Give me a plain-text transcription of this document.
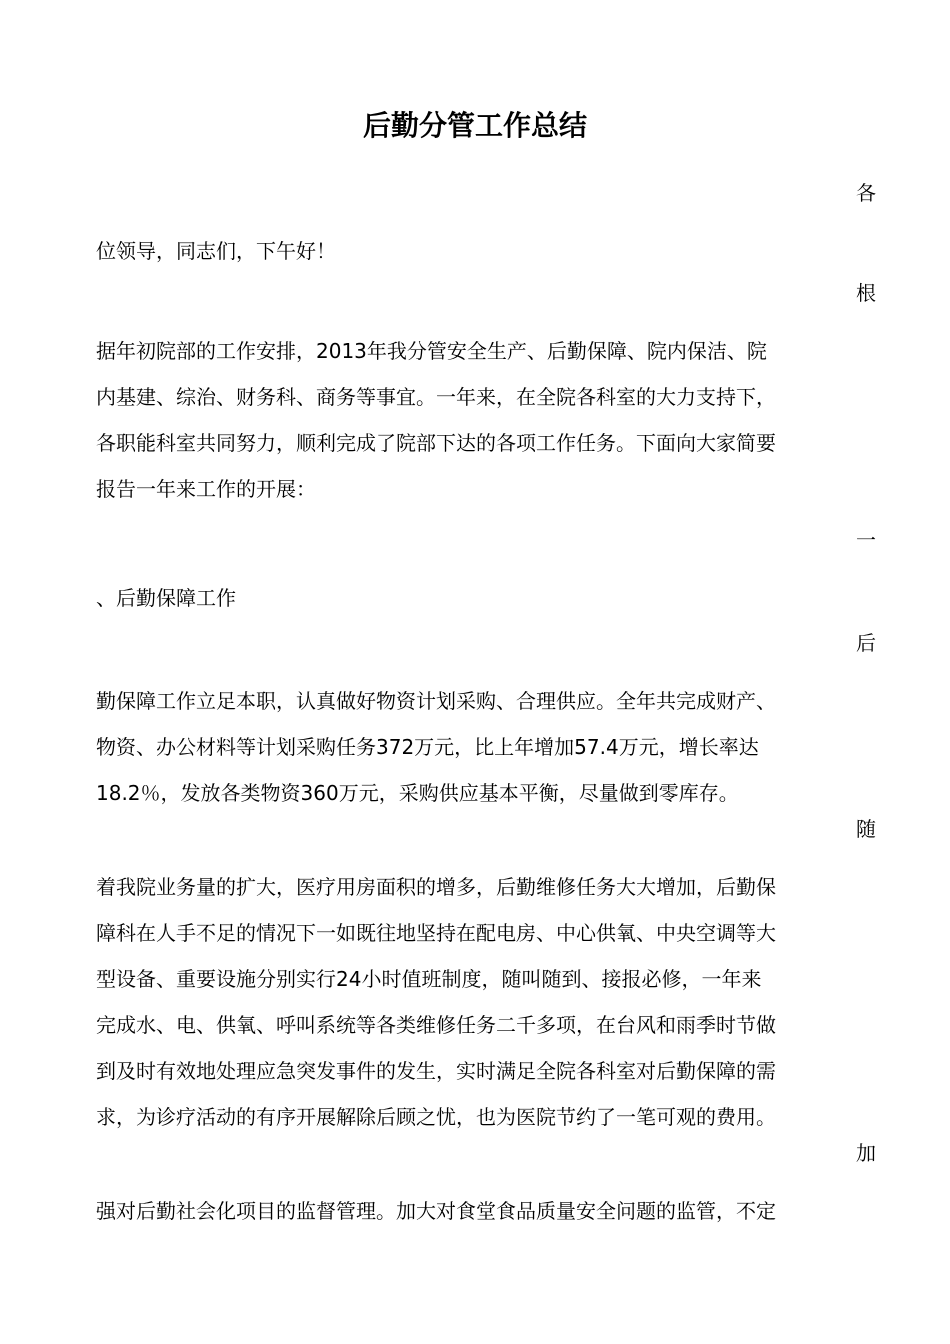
后勤分管工作总结
各
位领导，同志们，下午好！
根
据年初院部的工作安排，2013年我分管安全生产、后勤保障、院内保洁、院
内基建、综治、财务科、商务等事宜。一年来，在全院各科室的大力支持下，
各职能科室共同努力，顺利完成了院部下达的各项工作任务。下面向大家简要
报告一年来工作的开展：
一
、后勤保障工作
后
勤保障工作立足本职，认真做好物资计划采购、合理供应。全年共完成财产、
物资、办公材料等计划采购任务372万元，比上年增加57.4万元，增长率达
18.2％，发放各类物资360万元，采购供应基本平衡，尽量做到零库存。
随
着我院业务量的扩大，医疗用房面积的增多，后勤维修任务大大增加，后勤保
障科在人手不足的情况下一如既往地坚持在配电房、中心供氧、中央空调等大
型设备、重要设施分别实行24小时值班制度，随叫随到、接报必修，一年来
完成水、电、供氧、呼叫系统等各类维修任务二千多项，在台风和雨季时节做
到及时有效地处理应急突发事件的发生，实时满足全院各科室对后勤保障的需
求，为诊疗活动的有序开展解除后顾之忧，也为医院节约了一笔可观的费用。
加
强对后勤社会化项目的监督管理。加大对食堂食品质量安全问题的监管，不定
